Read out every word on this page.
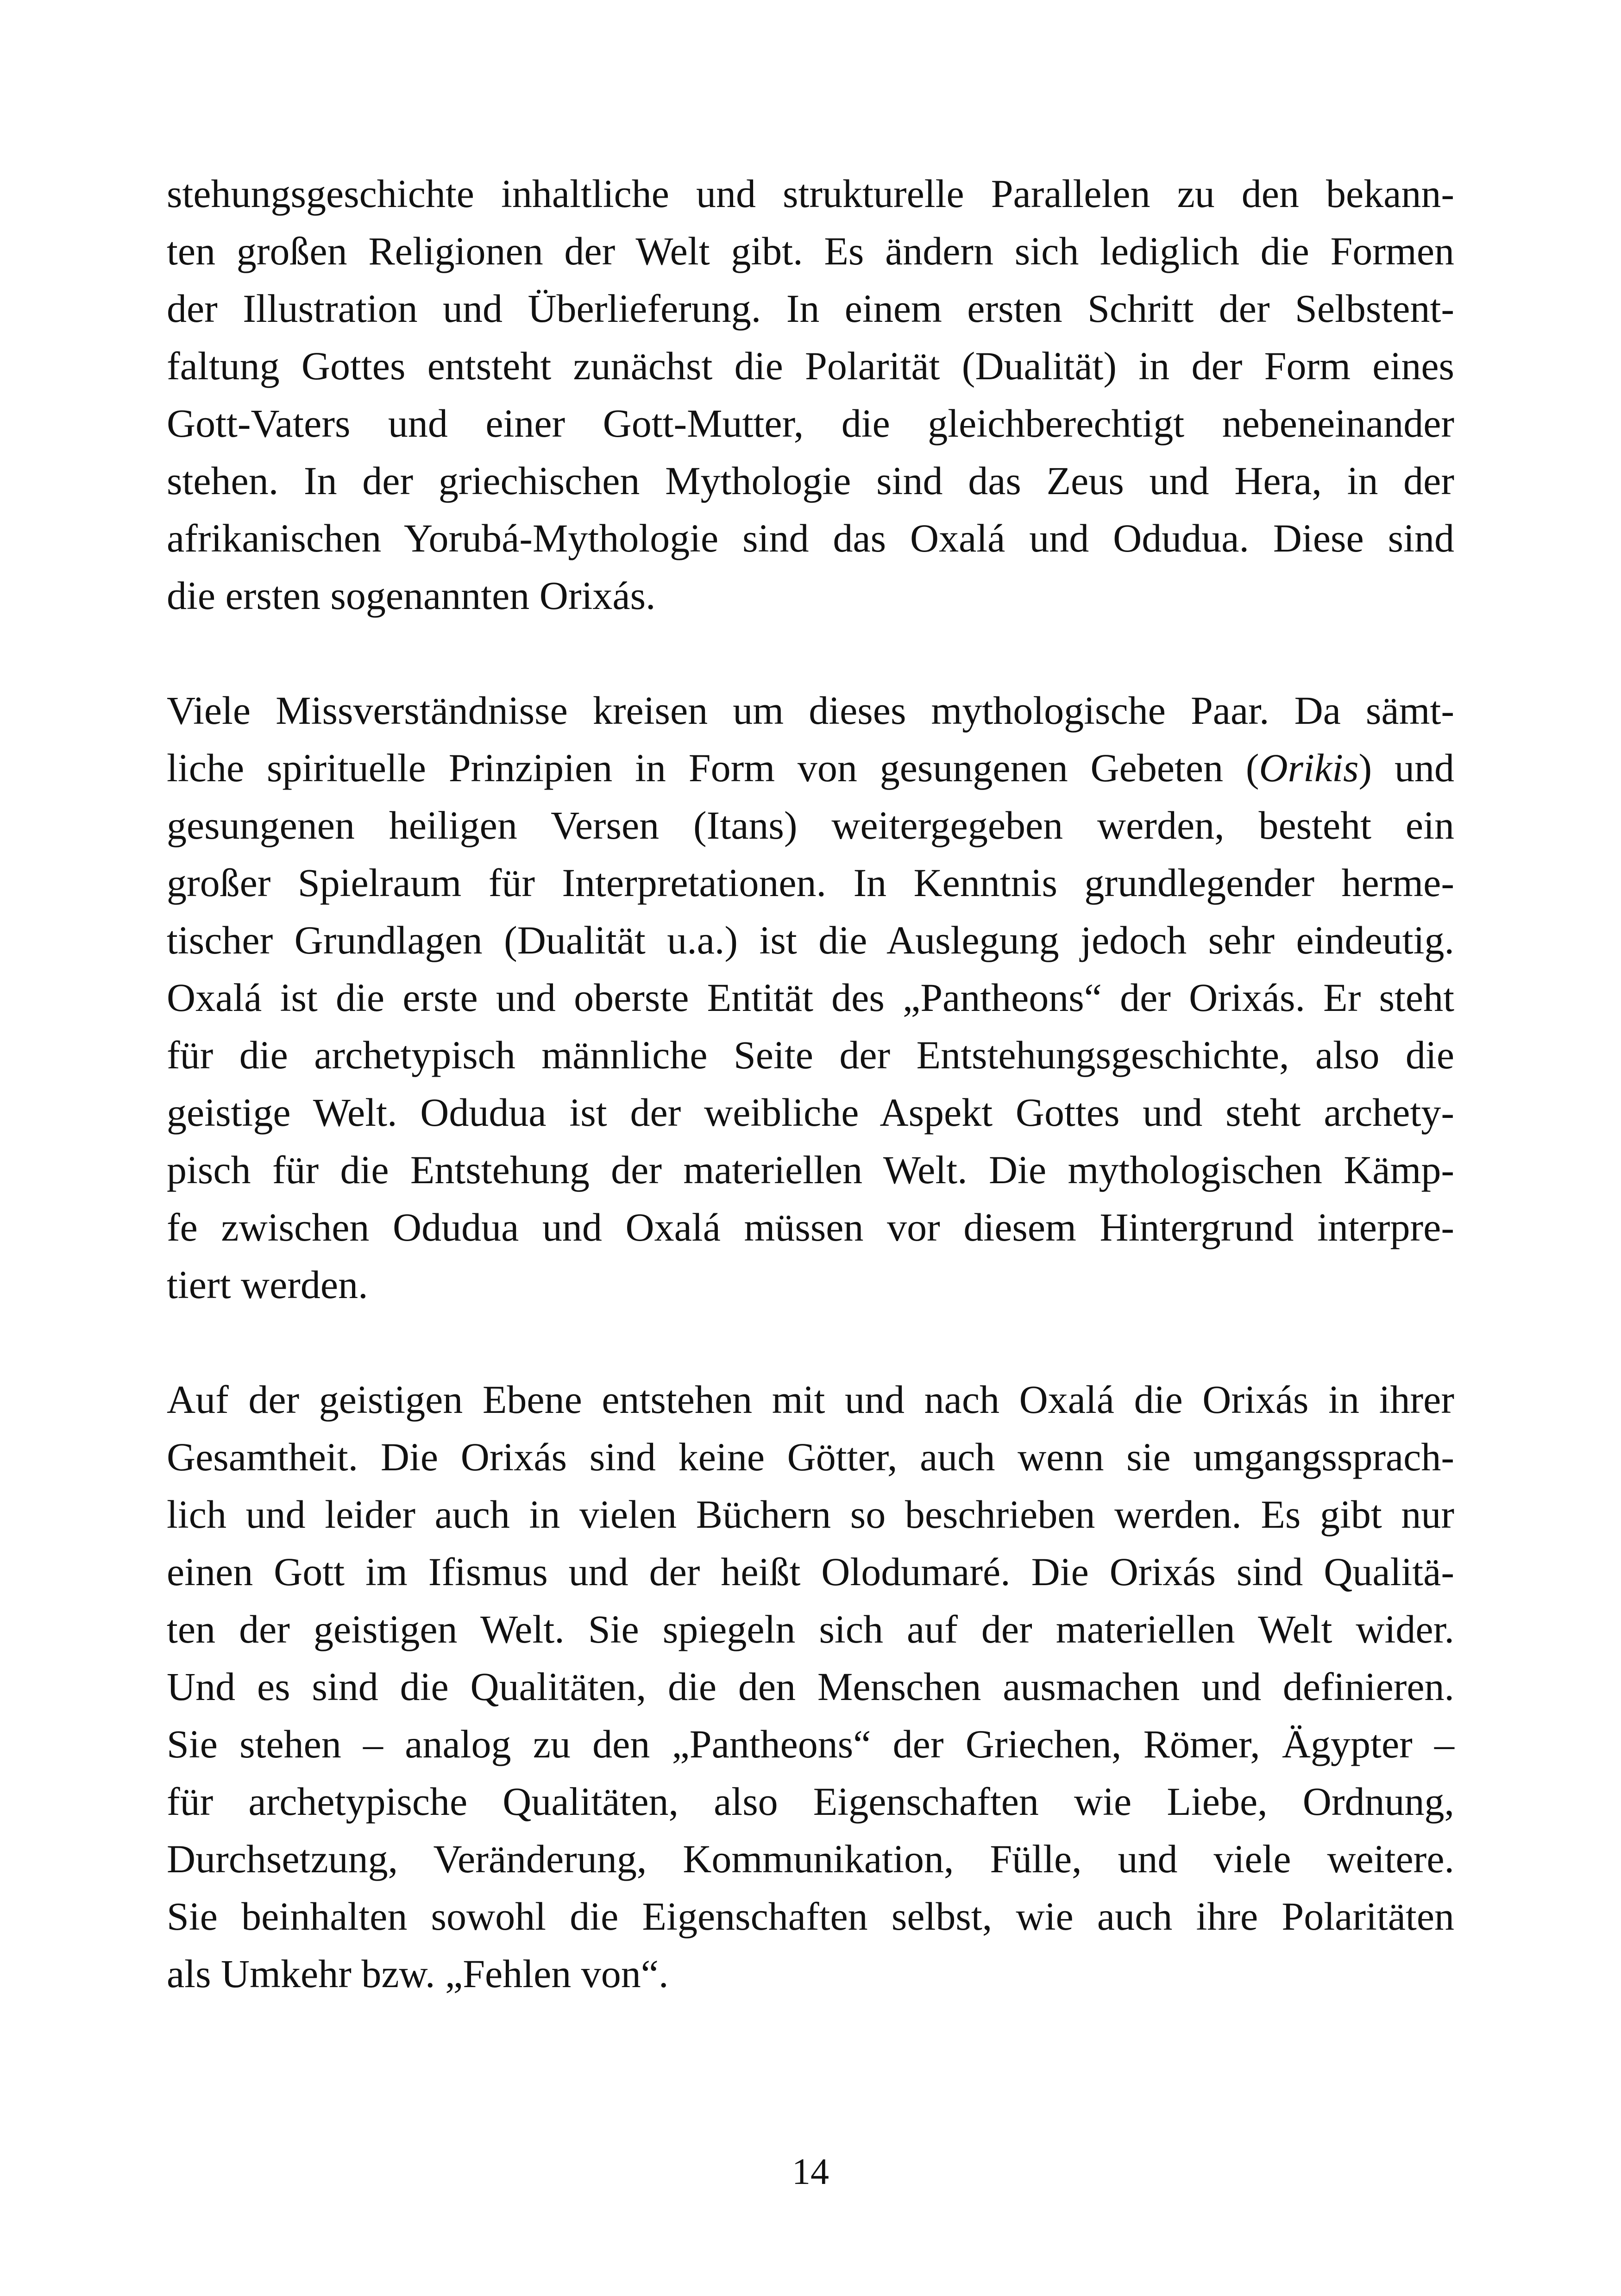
stehungsgeschichte inhaltliche und strukturelle Parallelen zu den bekann-
ten großen Religionen der Welt gibt. Es ändern sich lediglich die Formen
der Illustration und Überlieferung. In einem ersten Schritt der Selbstent-
faltung Gottes entsteht zunächst die Polarität (Dualität) in der Form eines
Gott-Vaters und einer Gott-Mutter, die gleichberechtigt nebeneinander
stehen. In der griechischen Mythologie sind das Zeus und Hera, in der
afrikanischen Yorubá-Mythologie sind das Oxalá und Odudua. Diese sind
die ersten sogenannten Orixás.
Viele Missverständnisse kreisen um dieses mythologische Paar. Da sämt-
liche spirituelle Prinzipien in Form von gesungenen Gebeten (Orikis) und
gesungenen heiligen Versen (Itans) weitergegeben werden, besteht ein
großer Spielraum für Interpretationen. In Kenntnis grundlegender herme-
tischer Grundlagen (Dualität u.a.) ist die Auslegung jedoch sehr eindeutig.
Oxalá ist die erste und oberste Entität des „Pantheons“ der Orixás. Er steht
für die archetypisch männliche Seite der Entstehungsgeschichte, also die
geistige Welt. Odudua ist der weibliche Aspekt Gottes und steht archety-
pisch für die Entstehung der materiellen Welt. Die mythologischen Kämp-
fe zwischen Odudua und Oxalá müssen vor diesem Hintergrund interpre-
tiert werden.
Auf der geistigen Ebene entstehen mit und nach Oxalá die Orixás in ihrer
Gesamtheit. Die Orixás sind keine Götter, auch wenn sie umgangssprach-
lich und leider auch in vielen Büchern so beschrieben werden. Es gibt nur
einen Gott im Ifismus und der heißt Olodumaré. Die Orixás sind Qualitä-
ten der geistigen Welt. Sie spiegeln sich auf der materiellen Welt wider.
Und es sind die Qualitäten, die den Menschen ausmachen und definieren.
Sie stehen – analog zu den „Pantheons“ der Griechen, Römer, Ägypter –
für archetypische Qualitäten, also Eigenschaften wie Liebe, Ordnung,
Durchsetzung, Veränderung, Kommunikation, Fülle, und viele weitere.
Sie beinhalten sowohl die Eigenschaften selbst, wie auch ihre Polaritäten
als Umkehr bzw. „Fehlen von“.
14
